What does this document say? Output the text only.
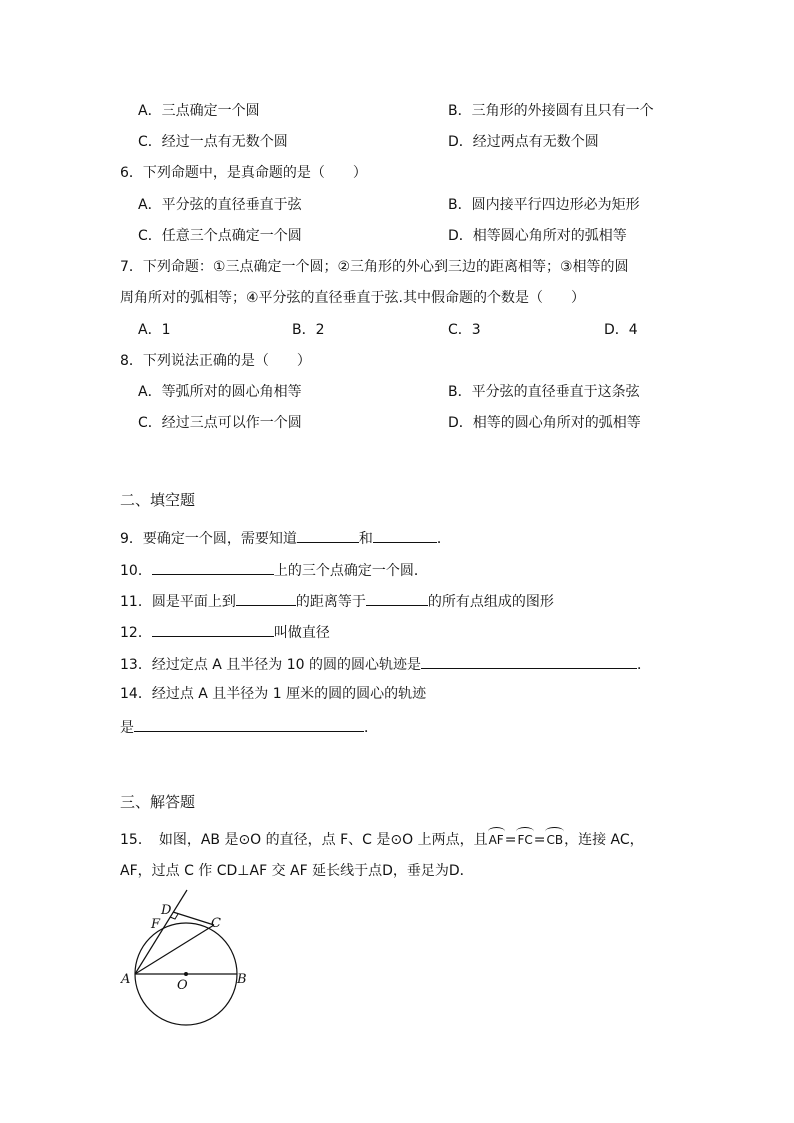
A．三点确定一个圆	B．三角形的外接圆有且只有一个
C．经过一点有无数个圆	D．经过两点有无数个圆
6．下列命题中，是真命题的是（　　）
A．平分弦的直径垂直于弦	B．圆内接平行四边形必为矩形
C．任意三个点确定一个圆	D．相等圆心角所对的弧相等
7．下列命题：①三点确定一个圆；②三角形的外心到三边的距离相等；③相等的圆
周角所对的弧相等；④平分弦的直径垂直于弦.其中假命题的个数是（　　）
A．1	B．2	C．3	D．4
8．下列说法正确的是（　　）
A．等弧所对的圆心角相等	B．平分弦的直径垂直于这条弦
C．经过三点可以作一个圆	D．相等的圆心角所对的弧相等
二、填空题
9．要确定一个圆，需要知道	和	．
10．	上的三个点确定一个圆．
11．圆是平面上到	的距离等于	的所有点组成的图形
12．	叫做直径
13．经过定点 A 且半径为 10 的圆的圆心轨迹是	．
14．经过点 A 且半径为 1 厘米的圆的圆心的轨迹
是	．
三、解答题
15．　如图，AB 是⊙O 的直径，点 F、C 是⊙O 上两点，且AF=FC=CB，连接 AC，
AF，过点 C 作 CD⊥AF 交 AF 延长线于点D，垂足为D．
D
F	C
A	O	B
